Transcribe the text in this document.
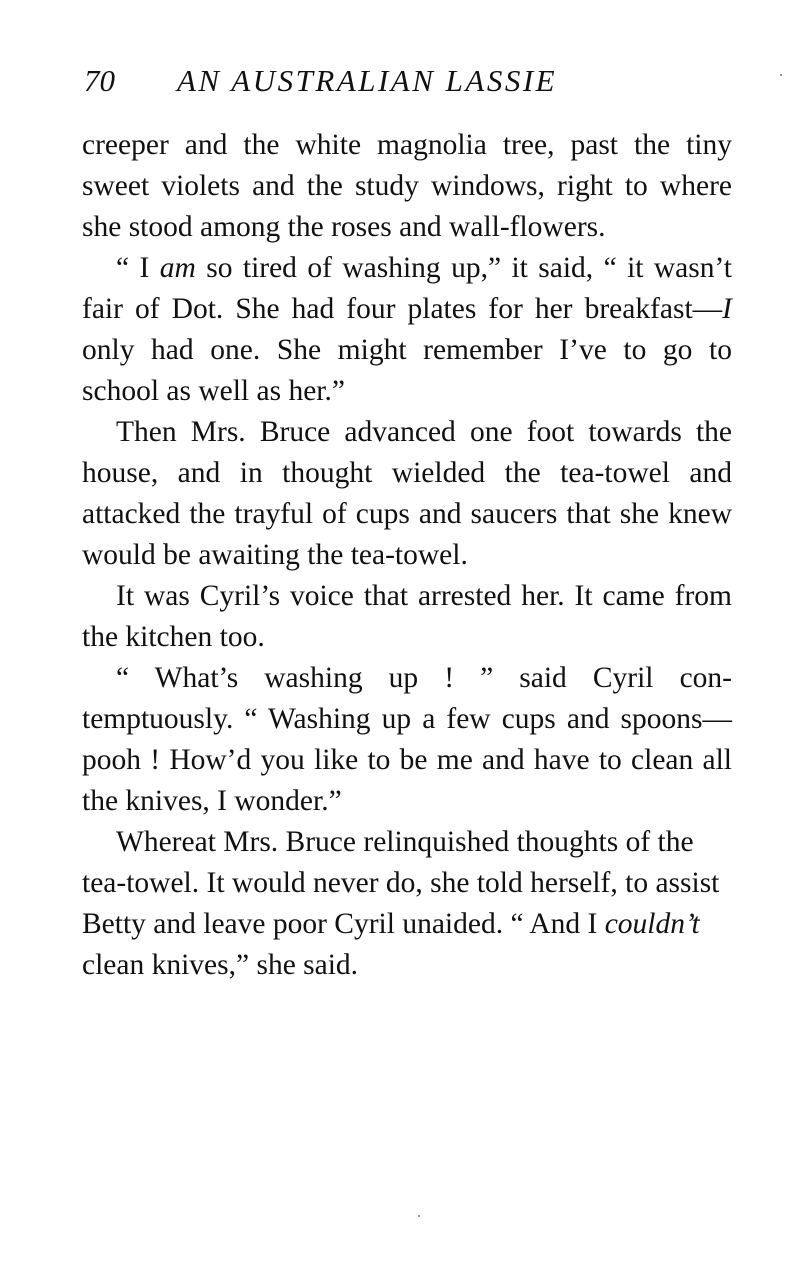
70 AN AUSTRALIAN LASSIE

creeper and the white magnolia tree, past the tiny sweet violets and the study windows, right to where she stood among the roses and wall-flowers.

“ I am so tired of washing up,” it said, “ it wasn’t fair of Dot. She had four plates for her breakfast—I only had one. She might remember I’ve to go to school as well as her.”

Then Mrs. Bruce advanced one foot towards the house, and in thought wielded the tea-towel and attacked the trayful of cups and saucers that she knew would be awaiting the tea-towel.

It was Cyril’s voice that arrested her. It came from the kitchen too.

“ What’s washing up ! ” said Cyril con-temptuously. “ Washing up a few cups and spoons—pooh ! How’d you like to be me and have to clean all the knives, I wonder.”

Whereat Mrs. Bruce relinquished thoughts of the tea-towel. It would never do, she told herself, to assist Betty and leave poor Cyril unaided. “ And I couldn’t clean knives,” she said.
